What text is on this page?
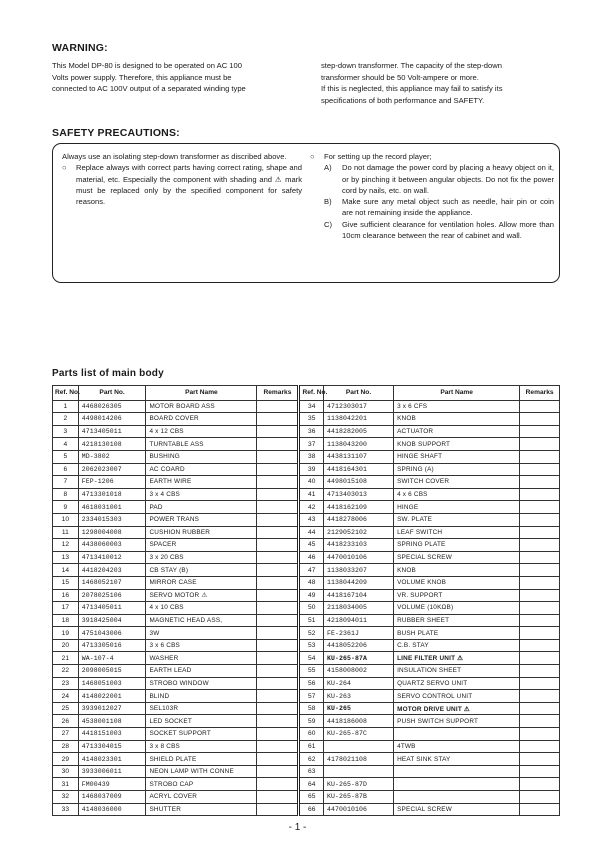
WARNING:

This Model DP-80 is designed to be operated on AC 100

Volts power supply. Therefore, this appliance must be

connected to AC 100V output of a separated winding type

step-down transformer. The capacity of the step-down

transformer should be 50 Volt-ampere or more.

If this is neglected, this appliance may fail to satisfy its

specifications of both performance and SAFETY.

SAFETY PRECAUTIONS:
Always use an isolating step-down transformer as discribed above.
○	Replace always with correct parts having correct rating, shape and material, etc. Especially the component with shading and ⚠ mark must be replaced only by the specified component for safety reasons.
○	For setting up the record player;
A)	Do not damage the power cord by placing a heavy object on it, or by pinching it between angular objects. Do not fix the power cord by nails, etc. on wall.
B)	Make sure any metal object such as needle, hair pin or coin are not remaining inside the appliance.
C)	Give sufficient clearance for ventilation holes. Allow more than 10cm clearance between the rear of cabinet and wall.
Parts list of main body
Ref. No.	Part No.	Part Name	Remarks	Ref. No.	Part No.	Part Name	Remarks
1	4468026305	MOTOR BOARD ASS		34	4712303017	3 x 6 CFS	
2	4498014206	BOARD COVER		35	1138042201	KNOB	
3	4713405011	4 x 12 CBS		36	4418282005	ACTUATOR	
4	4218130108	TURNTABLE ASS		37	1138043200	KNOB SUPPORT	
5	MD-3802	BUSHING		38	4438131107	HINGE SHAFT	
6	2062023007	AC COARD		39	4418164301	SPRING (A)	
7	FEP-1206	EARTH WIRE		40	4498015108	SWITCH COVER	
8	4713301018	3 x 4 CBS		41	4713403013	4 x 6 CBS	
9	4618031001	PAD		42	4418162109	HINGE	
10	2334015303	POWER TRANS		43	4418278006	SW. PLATE	
11	1298004008	CUSHION RUBBER		44	2129052102	LEAF SWITCH	
12	4438060003	SPACER		45	4418233103	SPRING PLATE	
13	4713410012	3 x 20 CBS		46	4470010106	SPECIAL SCREW	
14	4418204203	CB STAY (B)		47	1138033207	KNOB	
15	1468052107	MIRROR CASE		48	1138044209	VOLUME KNOB	
16	2078025106	SERVO MOTOR ⚠		49	4418167104	VR. SUPPORT	
17	4713405011	4 x 10 CBS		50	2118034005	VOLUME (10KΩB)	
18	3918425004	MAGNETIC HEAD ASS,		51	4218094011	RUBBER SHEET	
19	4751043006	3W		52	FE-2361J	BUSH PLATE	
20	4713305016	3 x 6 CBS		53	4418052206	C.B. STAY	
21	WA-107-4	WASHER		54	KU-265-87A	LINE FILTER UNIT ⚠	
22	2098005015	EARTH LEAD		55	4158008002	INSULATION SHEET	
23	1468051003	STROBO WINDOW		56	KU-264	QUARTZ SERVO UNIT	
24	4148022001	BLIND		57	KU-263	SERVO CONTROL UNIT	
25	3939012027	SEL103R		58	KU-265	MOTOR DRIVE UNIT ⚠	
26	4538001108	LED SOCKET		59	4418186008	PUSH SWITCH SUPPORT	
27	4418151003	SOCKET SUPPORT		60	KU-265-87C		
28	4713304015	3 x 8 CBS		61		4TWB	
29	4148023301	SHIELD PLATE		62	4178021108	HEAT SINK STAY	
30	3933006011	NEON LAMP WITH CONNE		63			
31	FM00439	STROBO CAP		64	KU-265-87D		
32	1468037009	ACRYL COVER		65	KU-265-87B		
33	4148036000	SHUTTER		66	4470010106	SPECIAL SCREW	
- 1 -
